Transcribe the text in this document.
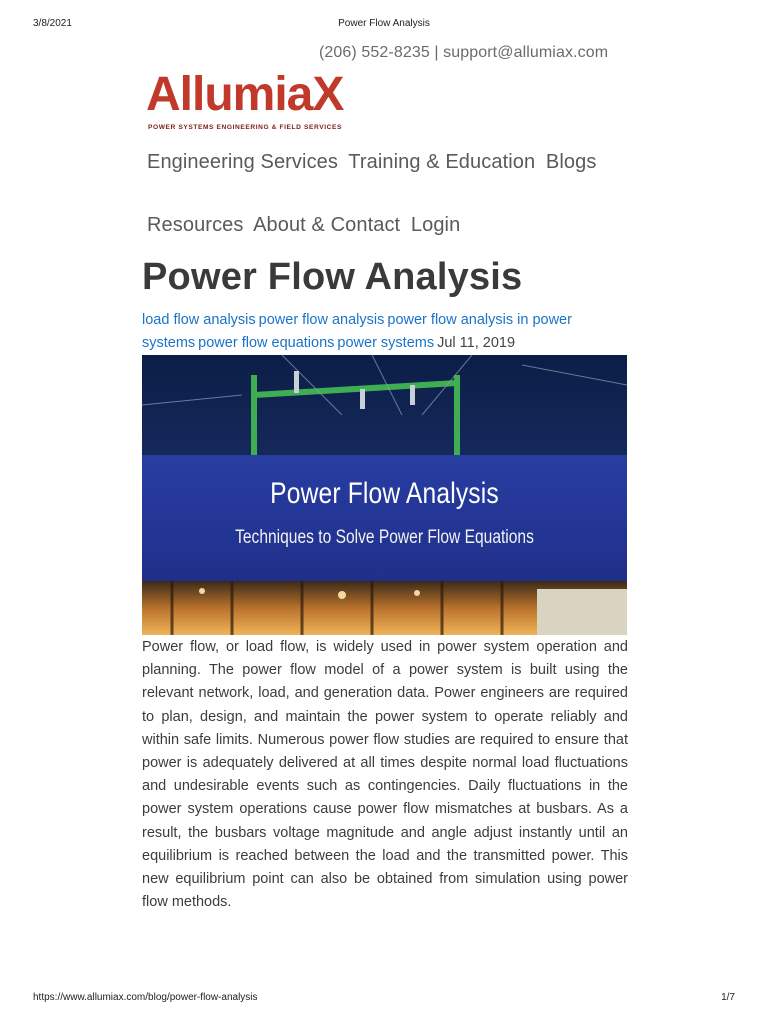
3/8/2021	Power Flow Analysis
(206) 552-8235 | support@allumiax.com
AllumiaX
POWER SYSTEMS ENGINEERING & FIELD SERVICES
Engineering Services Training & Education Blogs
Resources About & Contact Login
Power Flow Analysis
load flow analysis power flow analysis power flow analysis in power systems power flow equations power systems Jul 11, 2019
Power Flow Analysis
Techniques to Solve Power Flow Equations

Power flow, or load flow, is widely used in power system operation and planning. The power flow model of a power system is built using the relevant network, load, and generation data. Power engineers are required to plan, design, and maintain the power system to operate reliably and within safe limits. Numerous power flow studies are required to ensure that power is adequately delivered at all times despite normal load fluctuations and undesirable events such as contingencies. Daily fluctuations in the power system operations cause power flow mismatches at busbars. As a result, the busbars voltage magnitude and angle adjust instantly until an equilibrium is reached between the load and the transmitted power. This new equilibrium point can also be obtained from simulation using power flow methods.

https://www.allumiax.com/blog/power-flow-analysis	1/7
